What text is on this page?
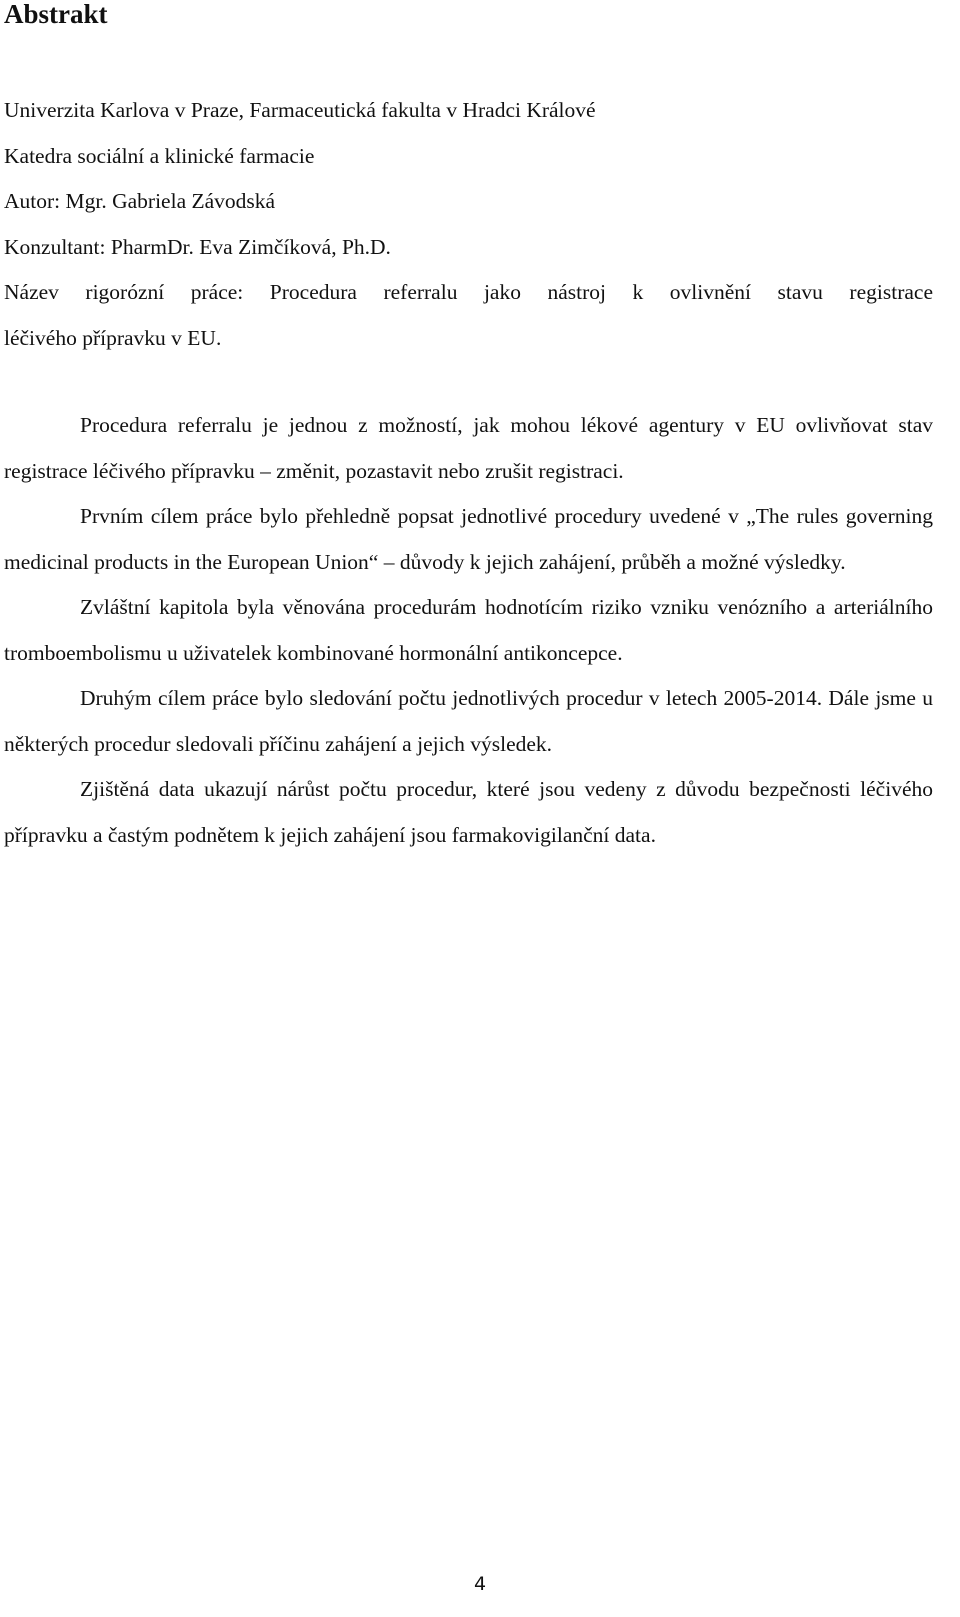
Abstrakt
Univerzita Karlova v Praze, Farmaceutická fakulta v Hradci Králové
Katedra sociální a klinické farmacie
Autor: Mgr. Gabriela Závodská
Konzultant: PharmDr. Eva Zimčíková, Ph.D.
Název rigorózní práce: Procedura referralu jako nástroj k ovlivnění stavu registrace
léčivého přípravku v EU.

Procedura referralu je jednou z možností, jak mohou lékové agentury v EU ovlivňovat stav registrace léčivého přípravku – změnit, pozastavit nebo zrušit registraci.

Prvním cílem práce bylo přehledně popsat jednotlivé procedury uvedené v „The rules governing medicinal products in the European Union“ – důvody k jejich zahájení, průběh a možné výsledky.

Zvláštní kapitola byla věnována procedurám hodnotícím riziko vzniku venózního a arteriálního tromboembolismu u uživatelek kombinované hormonální antikoncepce.

Druhým cílem práce bylo sledování počtu jednotlivých procedur v letech 2005-2014. Dále jsme u některých procedur sledovali příčinu zahájení a jejich výsledek.

Zjištěná data ukazují nárůst počtu procedur, které jsou vedeny z důvodu bezpečnosti léčivého přípravku a častým podnětem k jejich zahájení jsou farmakovigilanční data.

4
